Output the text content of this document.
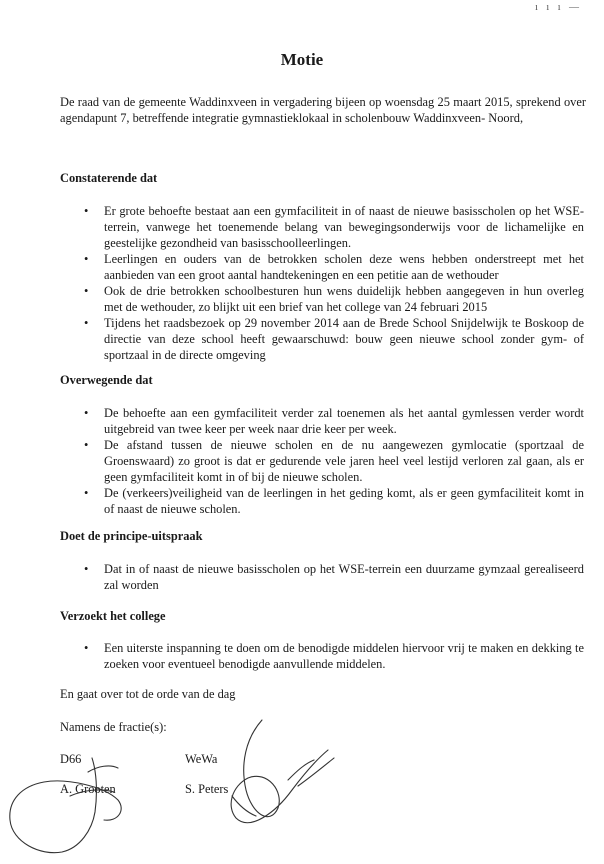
ı ı ı —
Motie

De raad van de gemeente Waddinxveen in vergadering bijeen op woensdag 25 maart 2015, sprekend over agendapunt 7, betreffende integratie gymnastieklokaal in scholenbouw Waddinxveen- Noord,

Constaterende dat

• Er grote behoefte bestaat aan een gymfaciliteit in of naast de nieuwe basisscholen op het WSE-terrein, vanwege het toenemende belang van bewegingsonderwijs voor de lichamelijke en geestelijke gezondheid van basisschoolleerlingen.
• Leerlingen en ouders van de betrokken scholen deze wens hebben onderstreept met het aanbieden van een groot aantal handtekeningen en een petitie aan de wethouder
• Ook de drie betrokken schoolbesturen hun wens duidelijk hebben aangegeven in hun overleg met de wethouder, zo blijkt uit een brief van het college van 24 februari 2015
• Tijdens het raadsbezoek op 29 november 2014 aan de Brede School Snijdelwijk te Boskoop de directie van deze school heeft gewaarschuwd: bouw geen nieuwe school zonder gym- of sportzaal in de directe omgeving

Overwegende dat

• De behoefte aan een gymfaciliteit verder zal toenemen als het aantal gymlessen verder wordt uitgebreid van twee keer per week naar drie keer per week.
• De afstand tussen de nieuwe scholen en de nu aangewezen gymlocatie (sportzaal de Groenswaard) zo groot is dat er gedurende vele jaren heel veel lestijd verloren zal gaan, als er geen gymfaciliteit komt in of bij de nieuwe scholen.
• De (verkeers)veiligheid van de leerlingen in het geding komt, als er geen gymfaciliteit komt in of naast de nieuwe scholen.

Doet de principe-uitspraak

• Dat in of naast de nieuwe basisscholen op het WSE-terrein een duurzame gymzaal gerealiseerd zal worden

Verzoekt het college

• Een uiterste inspanning te doen om de benodigde middelen hiervoor vrij te maken en dekking te zoeken voor eventueel benodigde aanvullende middelen.

En gaat over tot de orde van de dag

Namens de fractie(s):

D66	WeWa

A. Grooten	S. Peters
